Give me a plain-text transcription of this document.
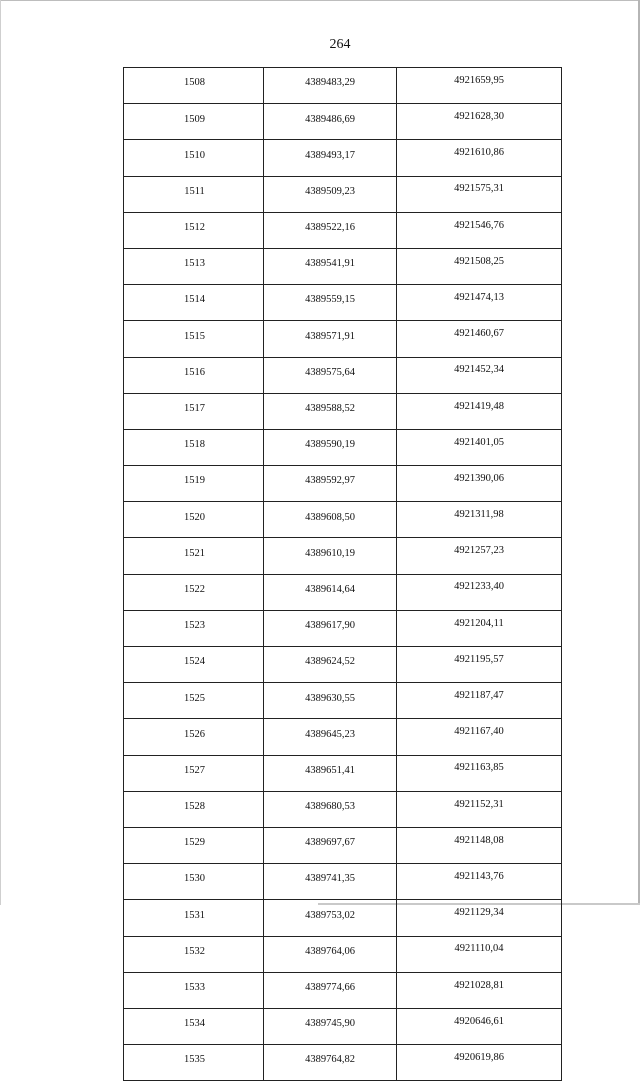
264
1508	4389483,29	4921659,95
1509	4389486,69	4921628,30
1510	4389493,17	4921610,86
1511	4389509,23	4921575,31
1512	4389522,16	4921546,76
1513	4389541,91	4921508,25
1514	4389559,15	4921474,13
1515	4389571,91	4921460,67
1516	4389575,64	4921452,34
1517	4389588,52	4921419,48
1518	4389590,19	4921401,05
1519	4389592,97	4921390,06
1520	4389608,50	4921311,98
1521	4389610,19	4921257,23
1522	4389614,64	4921233,40
1523	4389617,90	4921204,11
1524	4389624,52	4921195,57
1525	4389630,55	4921187,47
1526	4389645,23	4921167,40
1527	4389651,41	4921163,85
1528	4389680,53	4921152,31
1529	4389697,67	4921148,08
1530	4389741,35	4921143,76
1531	4389753,02	4921129,34
1532	4389764,06	4921110,04
1533	4389774,66	4921028,81
1534	4389745,90	4920646,61
1535	4389764,82	4920619,86
